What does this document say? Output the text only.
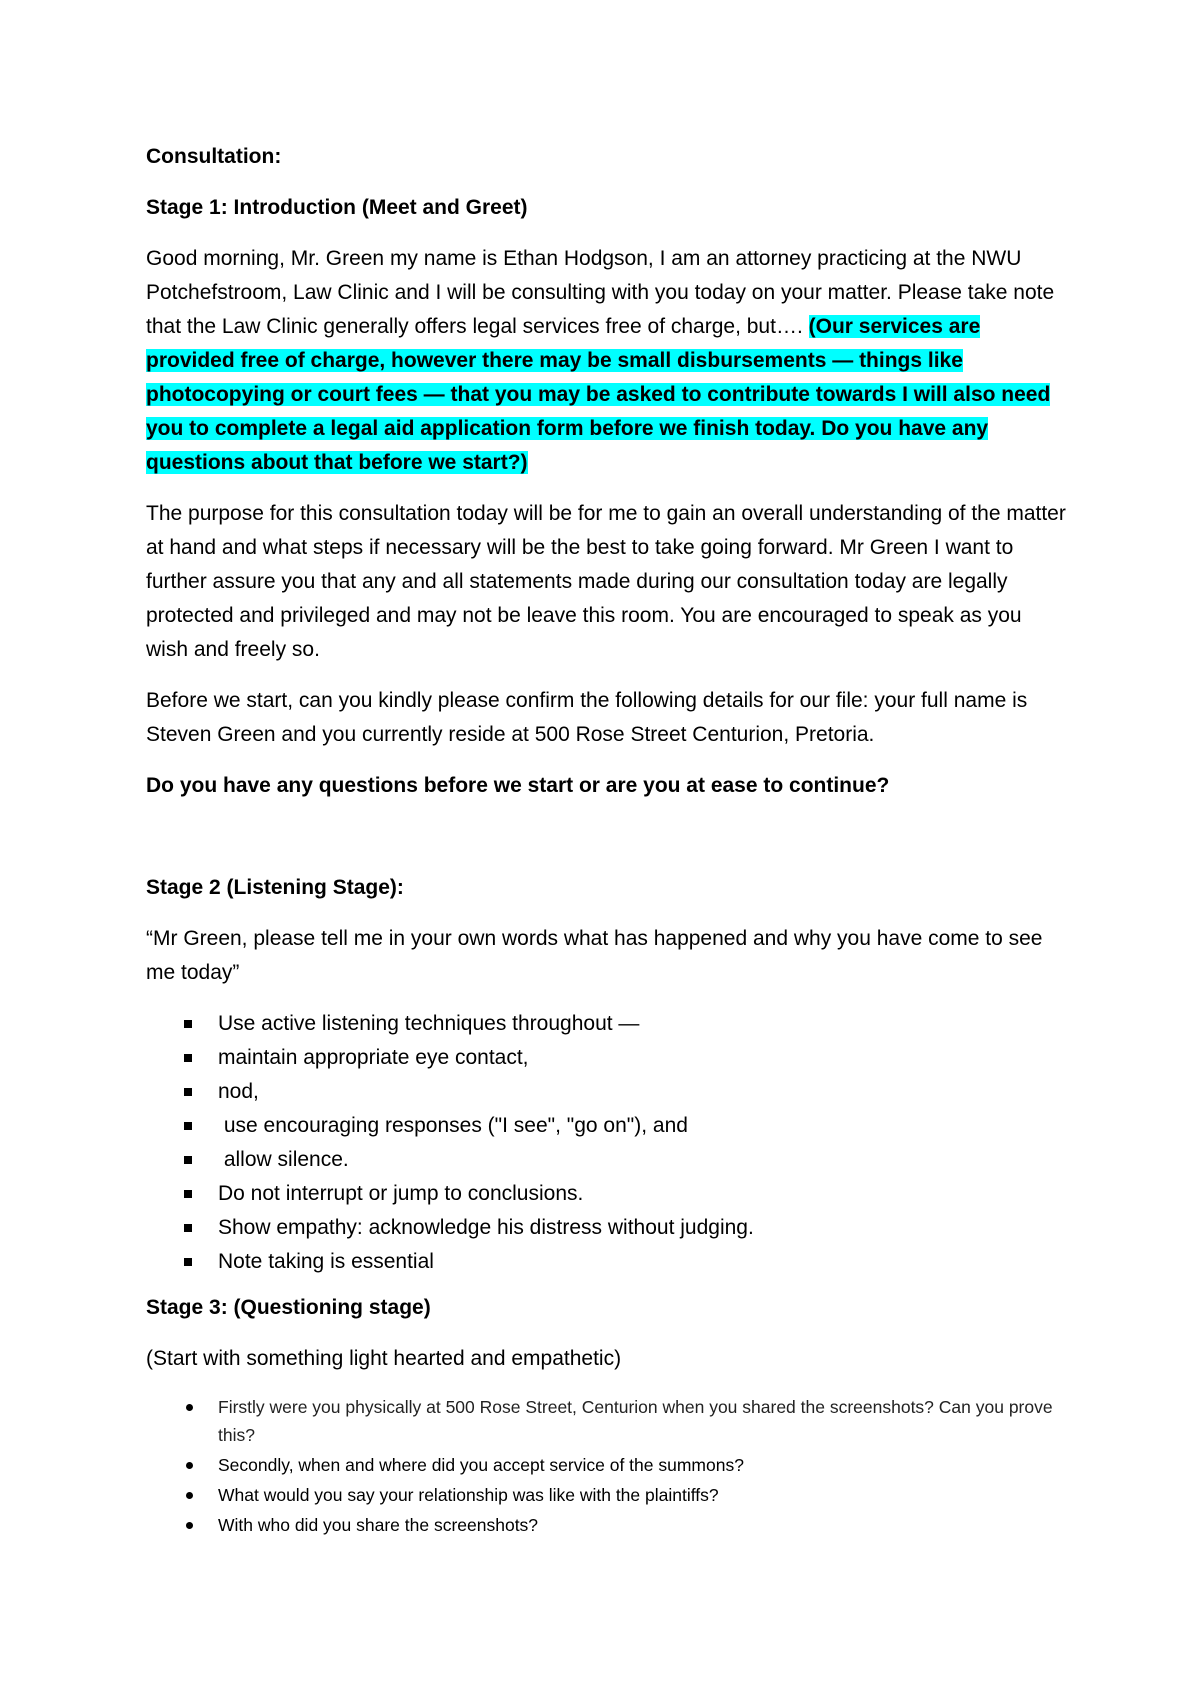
Consultation:

Stage 1: Introduction (Meet and Greet)

Good morning, Mr. Green my name is Ethan Hodgson, I am an attorney practicing at the NWU Potchefstroom, Law Clinic and I will be consulting with you today on your matter. Please take note that the Law Clinic generally offers legal services free of charge, but…. (Our services are provided free of charge, however there may be small disbursements — things like photocopying or court fees — that you may be asked to contribute towards I will also need you to complete a legal aid application form before we finish today. Do you have any questions about that before we start?)

The purpose for this consultation today will be for me to gain an overall understanding of the matter at hand and what steps if necessary will be the best to take going forward. Mr Green I want to further assure you that any and all statements made during our consultation today are legally protected and privileged and may not be leave this room. You are encouraged to speak as you wish and freely so.

Before we start, can you kindly please confirm the following details for our file: your full name is Steven Green and you currently reside at 500 Rose Street Centurion, Pretoria.

Do you have any questions before we start or are you at ease to continue?

Stage 2 (Listening Stage):

“Mr Green, please tell me in your own words what has happened and why you have come to see me today”

Use active listening techniques throughout —
maintain appropriate eye contact,
nod,
use encouraging responses ("I see", "go on"), and
allow silence.
Do not interrupt or jump to conclusions.
Show empathy: acknowledge his distress without judging.
Note taking is essential

Stage 3: (Questioning stage)

(Start with something light hearted and empathetic)

Firstly were you physically at 500 Rose Street, Centurion when you shared the screenshots? Can you prove this?
Secondly, when and where did you accept service of the summons?
What would you say your relationship was like with the plaintiffs?
With who did you share the screenshots?
